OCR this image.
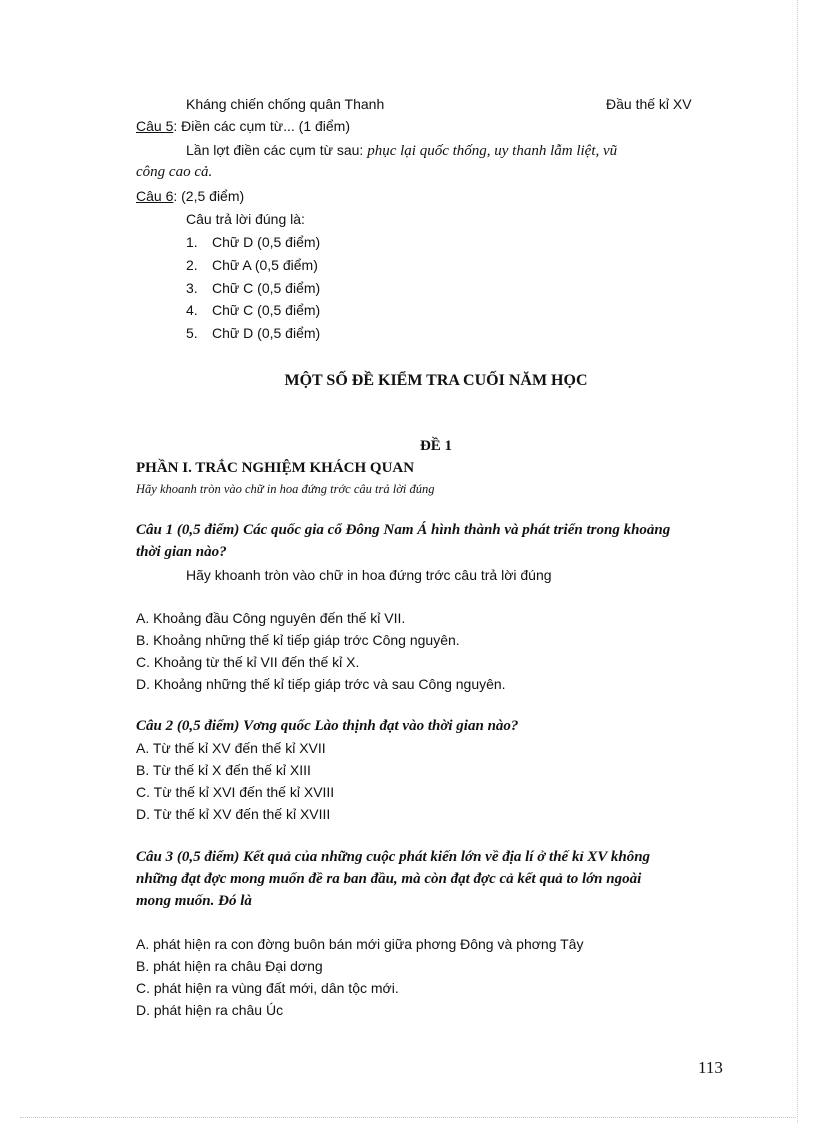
Kháng chiến chống quân Thanh	Đầu thế kỉ XV
Câu 5: Điền các cụm từ... (1 điểm)
Lần lợt điền các cụm từ sau: phục lại quốc thống, uy thanh lẫm liệt, vũ
công cao cả.
Câu 6: (2,5 điểm)
Câu trả lời đúng là:
1. Chữ D (0,5 điểm)
2. Chữ A (0,5 điểm)
3. Chữ C (0,5 điểm)
4. Chữ C (0,5 điểm)
5. Chữ D (0,5 điểm)
MỘT SỐ ĐỀ KIỂM TRA CUỐI NĂM HỌC
ĐỀ 1
PHẦN I. TRẮC NGHIỆM KHÁCH QUAN
Hãy khoanh tròn vào chữ in hoa đứng trớc câu trả lời đúng
Câu 1 (0,5 điểm) Các quốc gia cổ Đông Nam Á hình thành và phát triển trong khoảng
thời gian nào?
Hãy khoanh tròn vào chữ in hoa đứng trớc câu trả lời đúng
A. Khoảng đầu Công nguyên đến thế kỉ VII.
B. Khoảng những thế kỉ tiếp giáp trớc Công nguyên.
C. Khoảng từ thế kỉ VII đến thế kỉ X.
D. Khoảng những thế kỉ tiếp giáp trớc và sau Công nguyên.
Câu 2 (0,5 điểm) Vơng quốc Lào thịnh đạt vào thời gian nào?
A. Từ thế kỉ XV đến thế kỉ XVII
B. Từ thế kỉ X đến thế kỉ XIII
C. Từ thế kỉ XVI đến thế kỉ XVIII
D. Từ thế kỉ XV đến thế kỉ XVIII
Câu 3 (0,5 điểm) Kết quả của những cuộc phát kiến lớn về địa lí ở thế kỉ XV không
những đạt đợc mong muốn đề ra ban đầu, mà còn đạt đợc cả kết quả to lớn ngoài
mong muốn. Đó là
A. phát hiện ra con đờng buôn bán mới giữa phơng Đông và phơng Tây
B. phát hiện ra châu Đại dơng
C. phát hiện ra vùng đất mới, dân tộc mới.
D. phát hiện ra châu Úc
113
